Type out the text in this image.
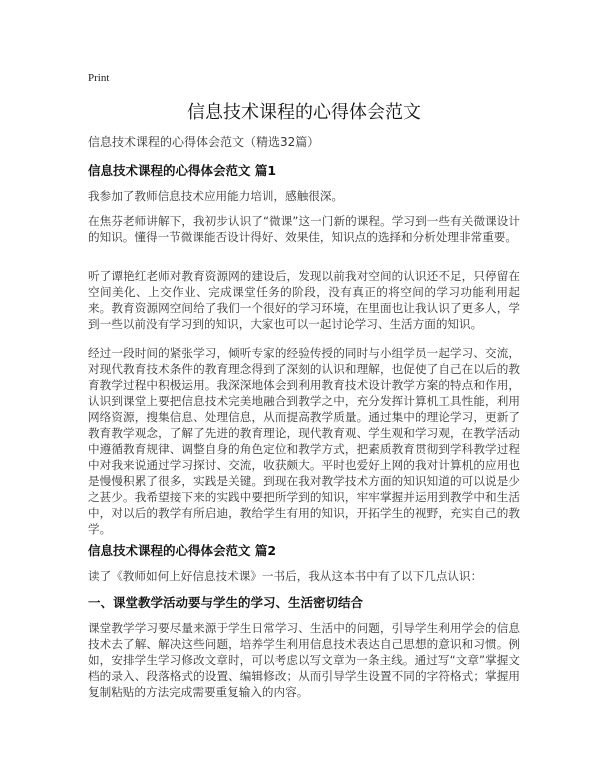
Print
信息技术课程的心得体会范文
信息技术课程的心得体会范文（精选32篇）
信息技术课程的心得体会范文 篇1

我参加了教师信息技术应用能力培训，感触很深。

在焦芬老师讲解下，我初步认识了“微课”这一门新的课程。学习到一些有关微课设计的知识。懂得一节微课能否设计得好、效果佳，知识点的选择和分析处理非常重要。

听了谭艳红老师对教育资源网的建设后，发现以前我对空间的认识还不足，只停留在空间美化、上交作业、完成课堂任务的阶段，没有真正的将空间的学习功能利用起来。教育资源网空间给了我们一个很好的学习环境，在里面也让我认识了更多人，学到一些以前没有学习到的知识，大家也可以一起讨论学习、生活方面的知识。

经过一段时间的紧张学习，倾听专家的经验传授的同时与小组学员一起学习、交流，对现代教育技术条件的教育理念得到了深刻的认识和理解，也促使了自己在以后的教育教学过程中积极运用。我深深地体会到利用教育技术设计教学方案的特点和作用，认识到课堂上要把信息技术完美地融合到教学之中，充分发挥计算机工具性能，利用网络资源，搜集信息、处理信息，从而提高教学质量。通过集中的理论学习，更新了教育教学观念，了解了先进的教育理论，现代教育观、学生观和学习观，在教学活动中遵循教育规律、调整自身的角色定位和教学方式，把素质教育贯彻到学科教学过程中对我来说通过学习探讨、交流，收获颇大。平时也爱好上网的我对计算机的应用也是慢慢积累了很多，实践是关键。到现在我对教学技术方面的知识知道的可以说是少之甚少。我希望接下来的实践中要把所学到的知识，牢牢掌握并运用到教学中和生活中，对以后的教学有所启迪，教给学生有用的知识，开拓学生的视野，充实自己的教学。

信息技术课程的心得体会范文 篇2

读了《教师如何上好信息技术课》一书后，我从这本书中有了以下几点认识：

一、课堂教学活动要与学生的学习、生活密切结合

课堂教学学习要尽量来源于学生日常学习、生活中的问题，引导学生利用学会的信息技术去了解、解决这些问题，培养学生利用信息技术表达自己思想的意识和习惯。例如，安排学生学习修改文章时，可以考虑以写文章为一条主线。通过写“文章”掌握文档的录入、段落格式的设置、编辑修改；从而引导学生设置不同的字符格式；掌握用复制粘贴的方法完成需要重复输入的内容。
